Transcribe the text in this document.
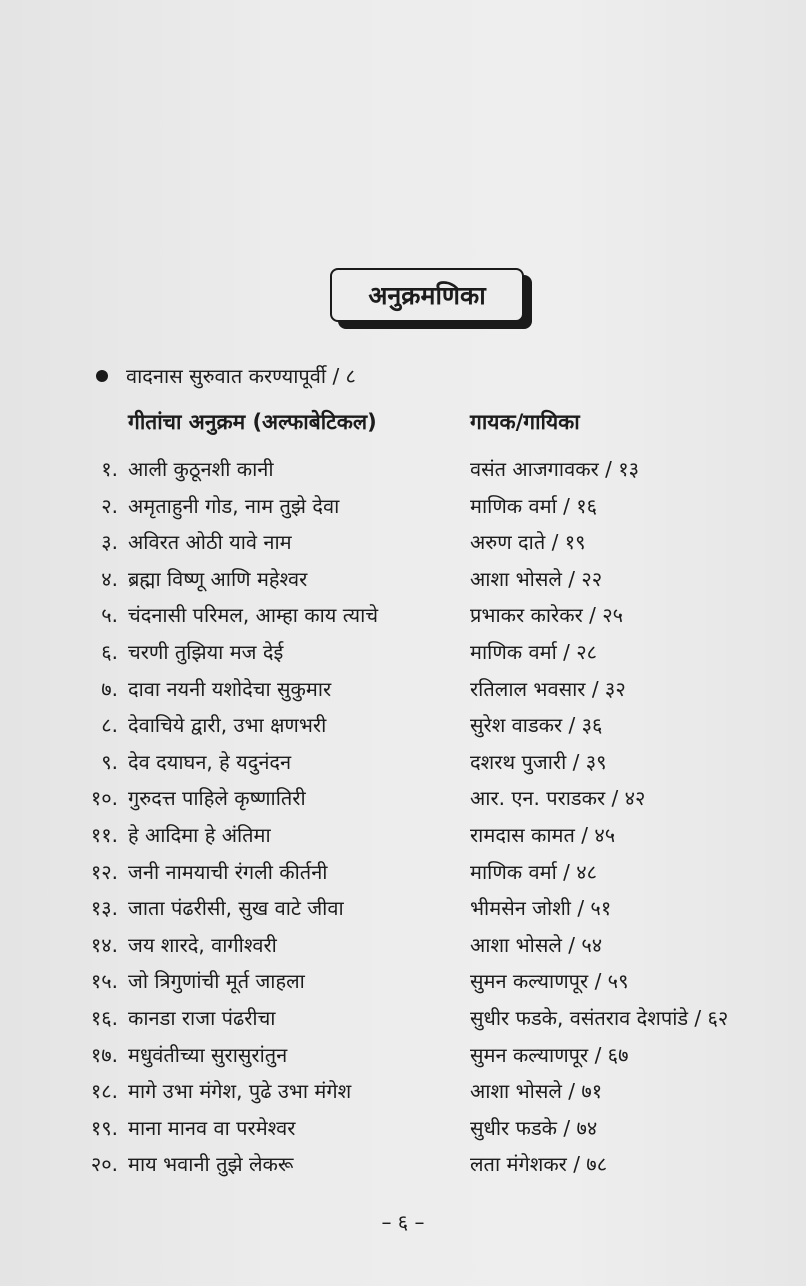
अनुक्रमणिका
वादनास सुरुवात करण्यापूर्वी / ८
गीतांचा अनुक्रम (अल्फाबेटिकल)	गायक/गायिका
१. आली कुठूनशी कानी	वसंत आजगावकर / १३
२. अमृताहुनी गोड, नाम तुझे देवा	माणिक वर्मा / १६
३. अविरत ओठी यावे नाम	अरुण दाते / १९
४. ब्रह्मा विष्णू आणि महेश्वर	आशा भोसले / २२
५. चंदनासी परिमल, आम्हा काय त्याचे	प्रभाकर कारेकर / २५
६. चरणी तुझिया मज देई	माणिक वर्मा / २८
७. दावा नयनी यशोदेचा सुकुमार	रतिलाल भवसार / ३२
८. देवाचिये द्वारी, उभा क्षणभरी	सुरेश वाडकर / ३६
९. देव दयाघन, हे यदुनंदन	दशरथ पुजारी / ३९
१०. गुरुदत्त पाहिले कृष्णातिरी	आर. एन. पराडकर / ४२
११. हे आदिमा हे अंतिमा	रामदास कामत / ४५
१२. जनी नामयाची रंगली कीर्तनी	माणिक वर्मा / ४८
१३. जाता पंढरीसी, सुख वाटे जीवा	भीमसेन जोशी / ५१
१४. जय शारदे, वागीश्वरी	आशा भोसले / ५४
१५. जो त्रिगुणांची मूर्त जाहला	सुमन कल्याणपूर / ५९
१६. कानडा राजा पंढरीचा	सुधीर फडके, वसंतराव देशपांडे / ६२
१७. मधुवंतीच्या सुरासुरांतुन	सुमन कल्याणपूर / ६७
१८. मागे उभा मंगेश, पुढे उभा मंगेश	आशा भोसले / ७१
१९. माना मानव वा परमेश्वर	सुधीर फडके / ७४
२०. माय भवानी तुझे लेकरू	लता मंगेशकर / ७८
– ६ –
